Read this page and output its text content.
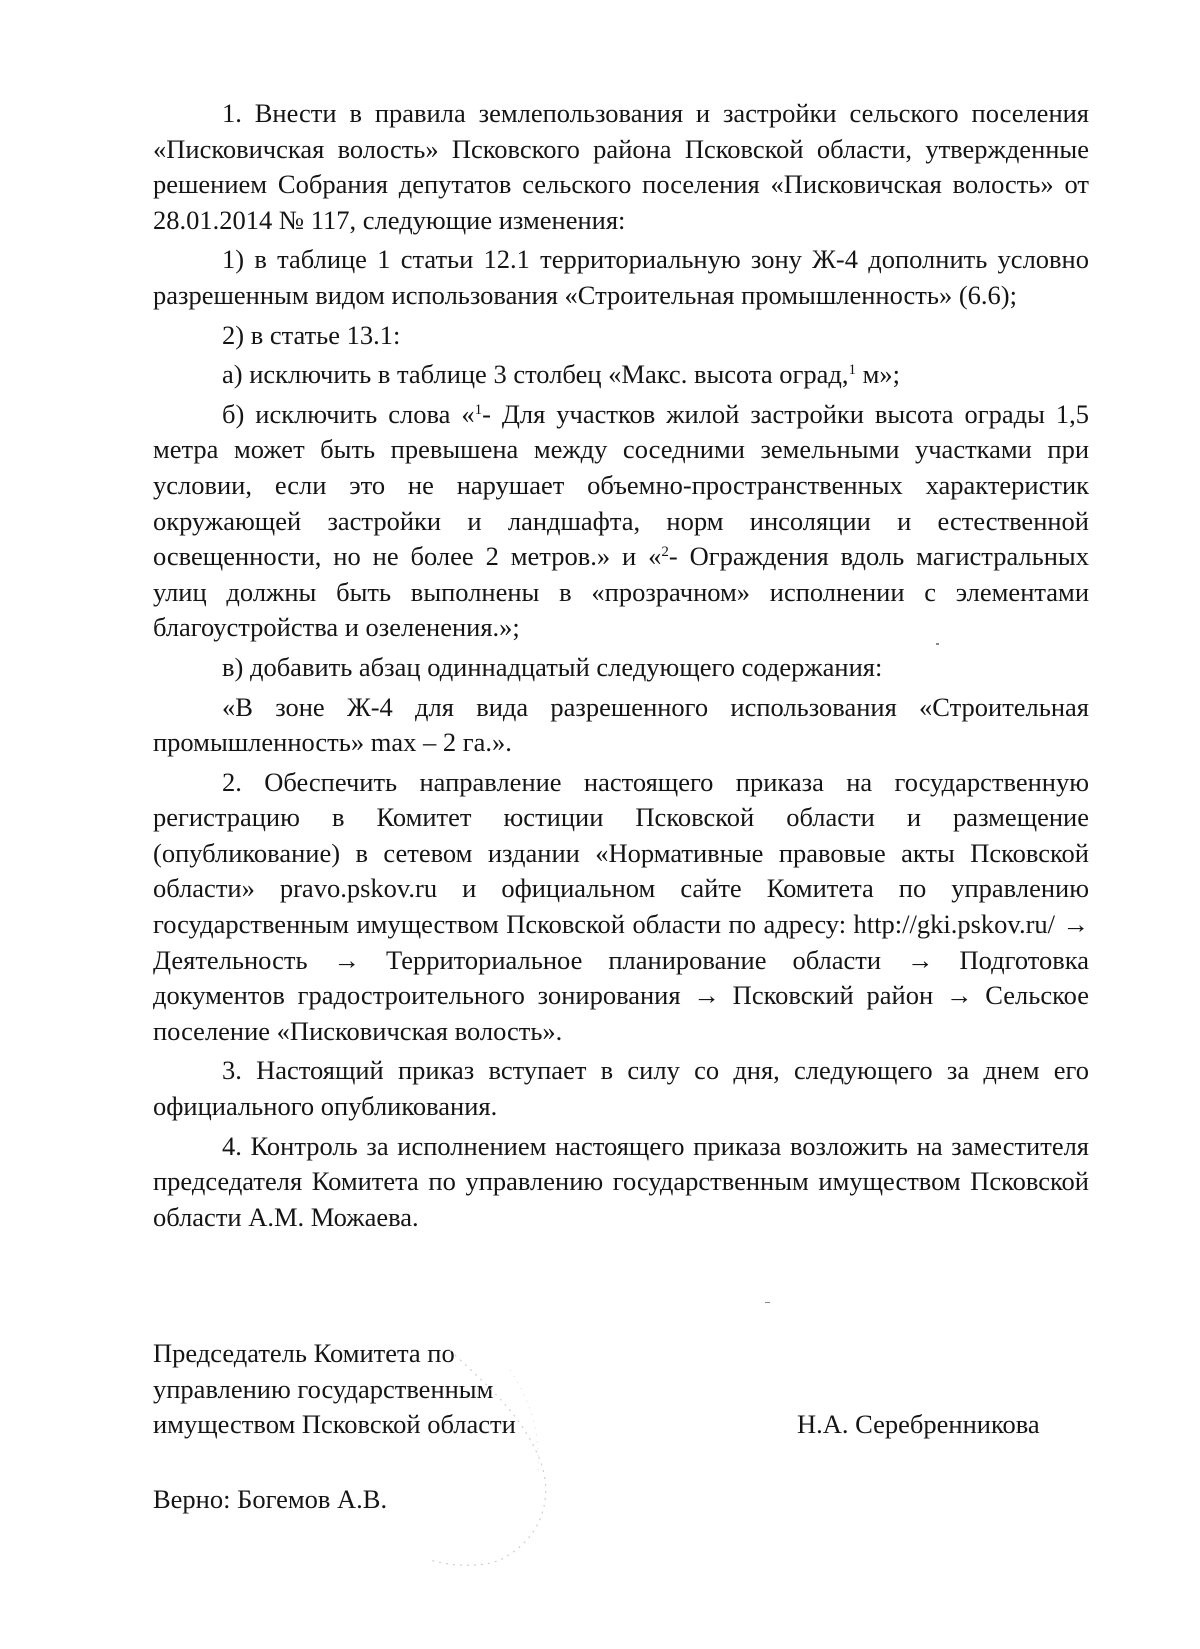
1. Внести в правила землепользования и застройки сельского поселения «Писковичская волость» Псковского района Псковской области, утвержденные решением Собрания депутатов сельского поселения «Писковичская волость» от 28.01.2014 № 117, следующие изменения:

1) в таблице 1 статьи 12.1 территориальную зону Ж-4 дополнить условно разрешенным видом использования «Строительная промышленность» (6.6);

2) в статье 13.1:

а) исключить в таблице 3 столбец «Макс. высота оград,$^1$ м»;

б) исключить слова «$^1$- Для участков жилой застройки высота ограды 1,5 метра может быть превышена между соседними земельными участками при условии, если это не нарушает объемно-пространственных характеристик окружающей застройки и ландшафта, норм инсоляции и естественной освещенности, но не более 2 метров.» и «$^2$- Ограждения вдоль магистральных улиц должны быть выполнены в «прозрачном» исполнении с элементами благоустройства и озеленения.»;

в) добавить абзац одиннадцатый следующего содержания:

«В зоне Ж-4 для вида разрешенного использования «Строительная промышленность» max – 2 га.».

2. Обеспечить направление настоящего приказа на государственную регистрацию в Комитет юстиции Псковской области и размещение (опубликование) в сетевом издании «Нормативные правовые акты Псковской области» pravo.pskov.ru и официальном сайте Комитета по управлению государственным имуществом Псковской области по адресу: http://gki.pskov.ru/ → Деятельность → Территориальное планирование области → Подготовка документов градостроительного зонирования → Псковский район → Сельское поселение «Писковичская волость».

3. Настоящий приказ вступает в силу со дня, следующего за днем его официального опубликования.

4. Контроль за исполнением настоящего приказа возложить на заместителя председателя Комитета по управлению государственным имуществом Псковской области А.М. Можаева.

Председатель Комитета по
управлению государственным
имуществом Псковской области	Н.А. Серебренникова
Верно: Богемов А.В.
